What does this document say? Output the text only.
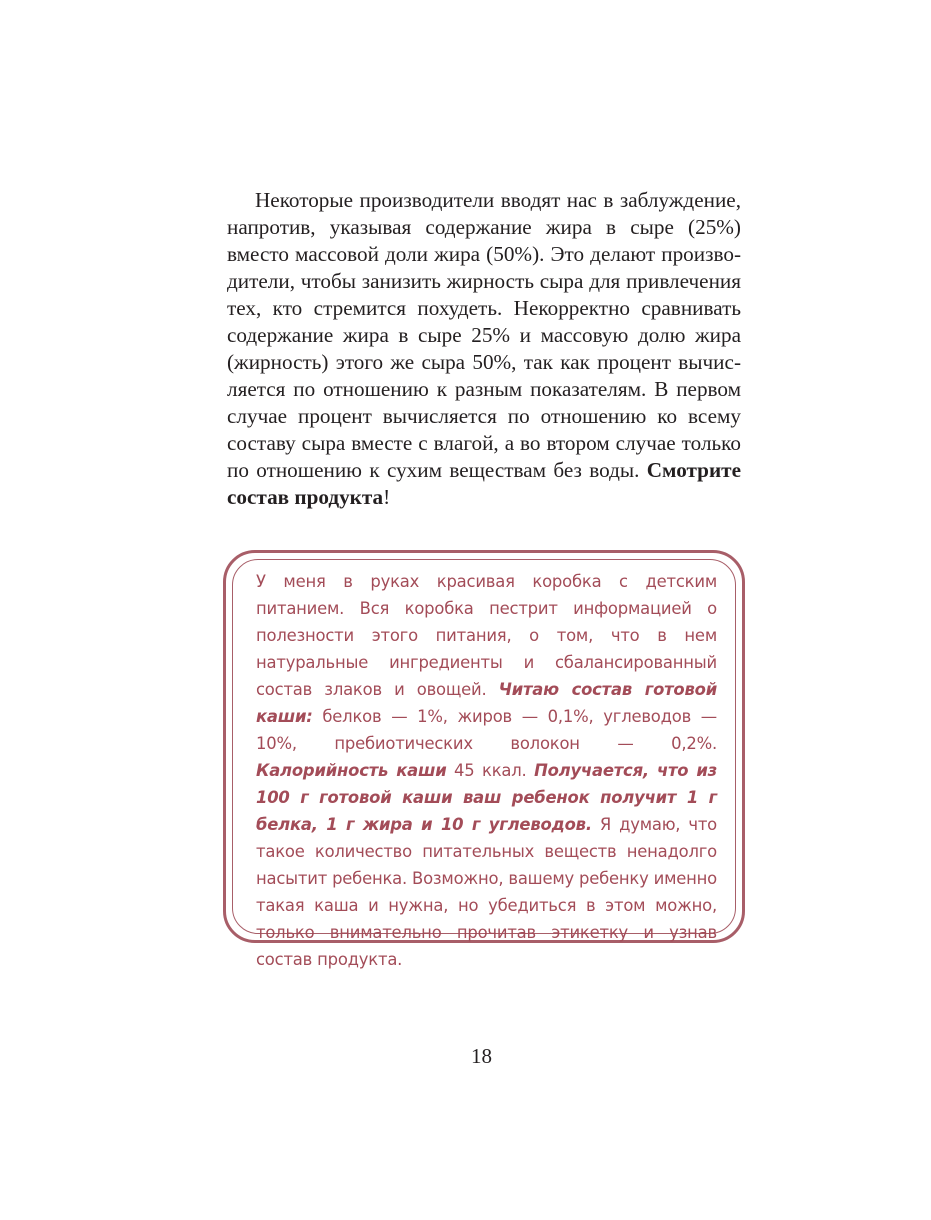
Некоторые производители вводят нас в заблуждение, напротив, указывая содержание жира в сыре (25%) вместо массовой доли жира (50%). Это делают производители, чтобы занизить жирность сыра для привлечения тех, кто стремится похудеть. Некорректно сравнивать содержание жира в сыре 25% и массовую долю жира (жирность) этого же сыра 50%, так как процент вычисляется по отношению к разным показателям. В первом случае процент вычисляется по отношению ко всему составу сыра вместе с влагой, а во втором случае только по отношению к сухим веществам без воды. Смотрите состав продукта!

У меня в руках красивая коробка с детским питанием. Вся коробка пестрит информацией о полезности этого питания, о том, что в нем натуральные ингредиенты и сбалансированный состав злаков и овощей. Читаю состав готовой каши: белков — 1%, жиров — 0,1%, углеводов — 10%, пребиотических волокон — 0,2%. Калорийность каши 45 ккал. Получается, что из 100 г готовой каши ваш ребенок получит 1 г белка, 1 г жира и 10 г углеводов. Я думаю, что такое количество питательных веществ ненадолго насытит ребенка. Возможно, вашему ребенку именно такая каша и нужна, но убедиться в этом можно, только внимательно прочитав этикетку и узнав состав продукта.

18
